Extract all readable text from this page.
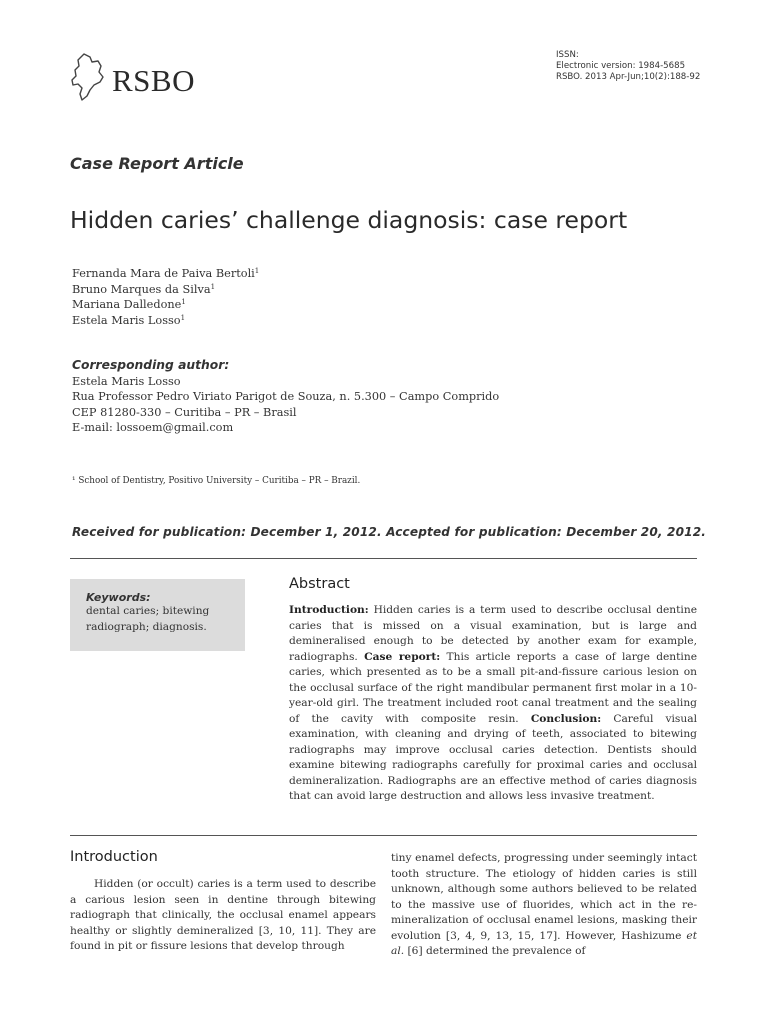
RSBO
ISSN:
Electronic version: 1984-5685
RSBO. 2013 Apr-Jun;10(2):188-92
Case Report Article
Hidden caries’ challenge diagnosis: case report
Fernanda Mara de Paiva Bertoli$^1$
Bruno Marques da Silva$^1$
Mariana Dalledone$^1$
Estela Maris Losso$^1$
Corresponding author:
Estela Maris Losso
Rua Professor Pedro Viriato Parigot de Souza, n. 5.300 – Campo Comprido
CEP 81280-330 – Curitiba – PR – Brasil
E-mail: lossoem@gmail.com
¹ School of Dentistry, Positivo University – Curitiba – PR – Brazil.
Received for publication: December 1, 2012. Accepted for publication: December 20, 2012.
Keywords:
dental caries; bitewing radiograph; diagnosis.
Abstract
Introduction: Hidden caries is a term used to describe occlusal dentine caries that is missed on a visual examination, but is large and demineralised enough to be detected by another exam for example, radiographs. Case report: This article reports a case of large dentine caries, which presented as to be a small pit-and-fissure carious lesion on the occlusal surface of the right mandibular permanent first molar in a 10-year-old girl. The treatment included root canal treatment and the sealing of the cavity with composite resin. Conclusion: Careful visual examination, with cleaning and drying of teeth, associated to bitewing radiographs may improve occlusal caries detection. Dentists should examine bitewing radiographs carefully for proximal caries and occlusal demineralization. Radiographs are an effective method of caries diagnosis that can avoid large destruction and allows less invasive treatment.
Introduction

Hidden (or occult) caries is a term used to describe a carious lesion seen in dentine through bitewing radiograph that clinically, the occlusal enamel appears healthy or slightly demineralized [3, 10, 11]. They are found in pit or fissure lesions that develop through

tiny enamel defects, progressing under seemingly intact tooth structure. The etiology of hidden caries is still unknown, although some authors believed to be related to the massive use of fluorides, which act in the re-mineralization of occlusal enamel lesions, masking their evolution [3, 4, 9, 13, 15, 17]. However, Hashizume et al. [6] determined the prevalence of
